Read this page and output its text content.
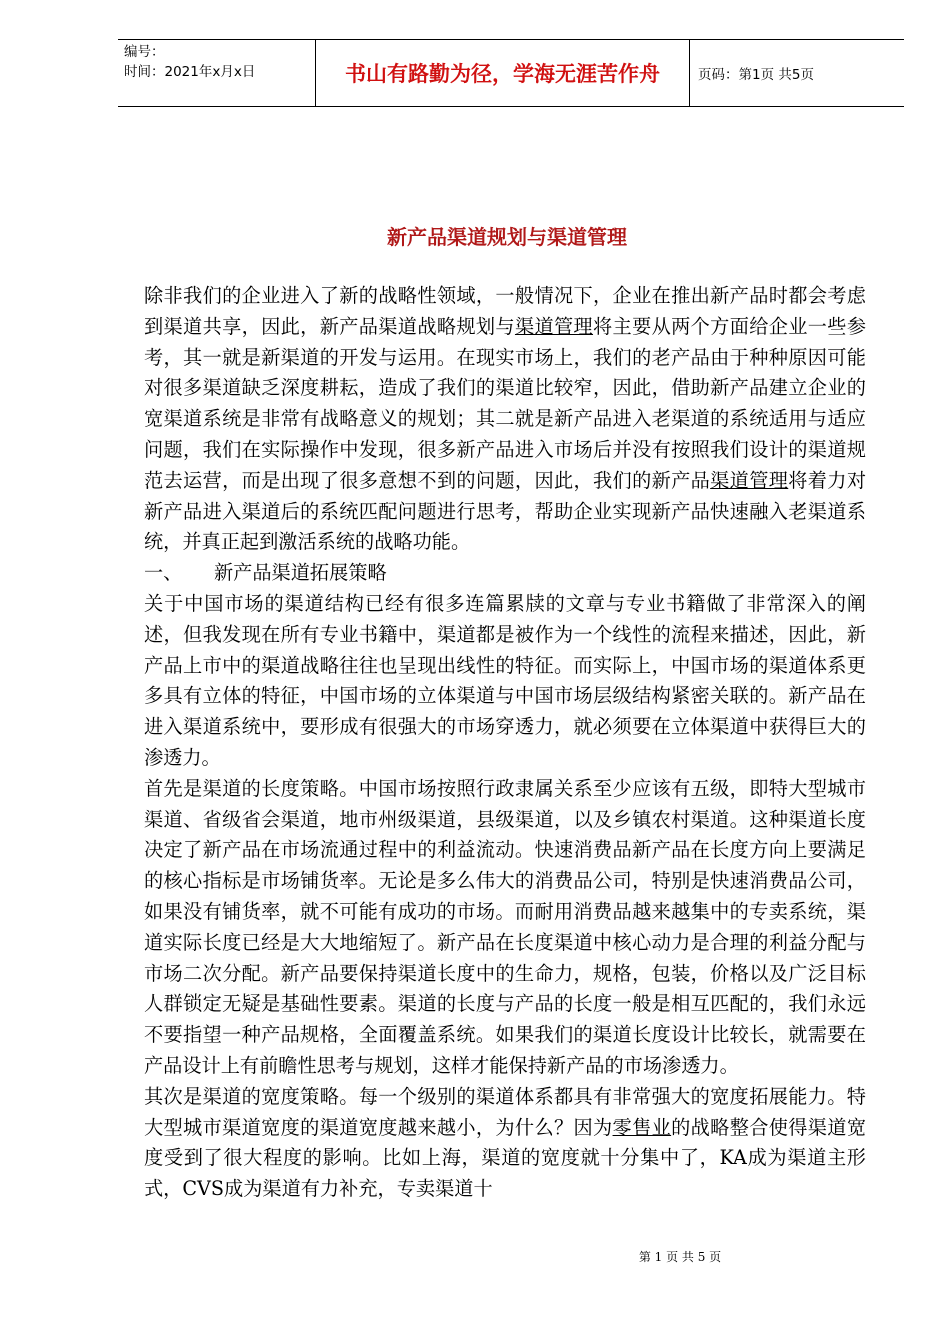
编号：
时间：2021年x月x日	书山有路勤为径，学海无涯苦作舟	页码：第1页 共5页
新产品渠道规划与渠道管理

除非我们的企业进入了新的战略性领域，一般情况下，企业在推出新产品时都会考虑到渠道共享，因此，新产品渠道战略规划与渠道管理将主要从两个方面给企业一些参考，其一就是新渠道的开发与运用。在现实市场上，我们的老产品由于种种原因可能对很多渠道缺乏深度耕耘，造成了我们的渠道比较窄，因此，借助新产品建立企业的宽渠道系统是非常有战略意义的规划；其二就是新产品进入老渠道的系统适用与适应问题，我们在实际操作中发现，很多新产品进入市场后并没有按照我们设计的渠道规范去运营，而是出现了很多意想不到的问题，因此，我们的新产品渠道管理将着力对新产品进入渠道后的系统匹配问题进行思考，帮助企业实现新产品快速融入老渠道系统，并真正起到激活系统的战略功能。

一、	新产品渠道拓展策略

关于中国市场的渠道结构已经有很多连篇累牍的文章与专业书籍做了非常深入的阐述，但我发现在所有专业书籍中，渠道都是被作为一个线性的流程来描述，因此，新产品上市中的渠道战略往往也呈现出线性的特征。而实际上，中国市场的渠道体系更多具有立体的特征，中国市场的立体渠道与中国市场层级结构紧密关联的。新产品在进入渠道系统中，要形成有很强大的市场穿透力，就必须要在立体渠道中获得巨大的渗透力。

首先是渠道的长度策略。中国市场按照行政隶属关系至少应该有五级，即特大型城市渠道、省级省会渠道，地市州级渠道，县级渠道，以及乡镇农村渠道。这种渠道长度决定了新产品在市场流通过程中的利益流动。快速消费品新产品在长度方向上要满足的核心指标是市场铺货率。无论是多么伟大的消费品公司，特别是快速消费品公司，如果没有铺货率，就不可能有成功的市场。而耐用消费品越来越集中的专卖系统，渠道实际长度已经是大大地缩短了。新产品在长度渠道中核心动力是合理的利益分配与市场二次分配。新产品要保持渠道长度中的生命力，规格，包装，价格以及广泛目标人群锁定无疑是基础性要素。渠道的长度与产品的长度一般是相互匹配的，我们永远不要指望一种产品规格，全面覆盖系统。如果我们的渠道长度设计比较长，就需要在产品设计上有前瞻性思考与规划，这样才能保持新产品的市场渗透力。

其次是渠道的宽度策略。每一个级别的渠道体系都具有非常强大的宽度拓展能力。特大型城市渠道宽度的渠道宽度越来越小，为什么？因为零售业的战略整合使得渠道宽度受到了很大程度的影响。比如上海，渠道的宽度就十分集中了，KA成为渠道主形式，CVS成为渠道有力补充，专卖渠道十

第 1 页 共 5 页
